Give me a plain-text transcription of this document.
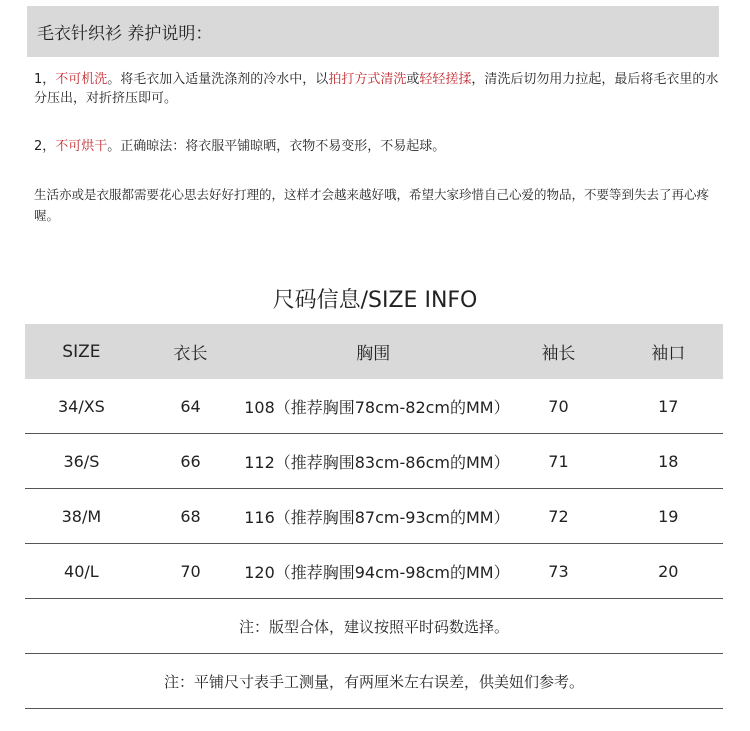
毛衣针织衫 养护说明：
1，不可机洗。将毛衣加入适量洗涤剂的冷水中，以拍打方式清洗或轻轻搓揉，清洗后切勿用力拉起，最后将毛衣里的水分压出，对折挤压即可。
2，不可烘干。正确晾法：将衣服平铺晾晒，衣物不易变形，不易起球。
生活亦或是衣服都需要花心思去好好打理的，这样才会越来越好哦，希望大家珍惜自己心爱的物品，不要等到失去了再心疼喔。
尺码信息/SIZE INFO
SIZE	衣长	胸围	袖长	袖口
34/XS	64	108（推荐胸围78cm-82cm的MM）	70	17
36/S	66	112（推荐胸围83cm-86cm的MM）	71	18
38/M	68	116（推荐胸围87cm-93cm的MM）	72	19
40/L	70	120（推荐胸围94cm-98cm的MM）	73	20
注：版型合体，建议按照平时码数选择。				
注：平铺尺寸表手工测量，有两厘米左右误差，供美妞们参考。				
